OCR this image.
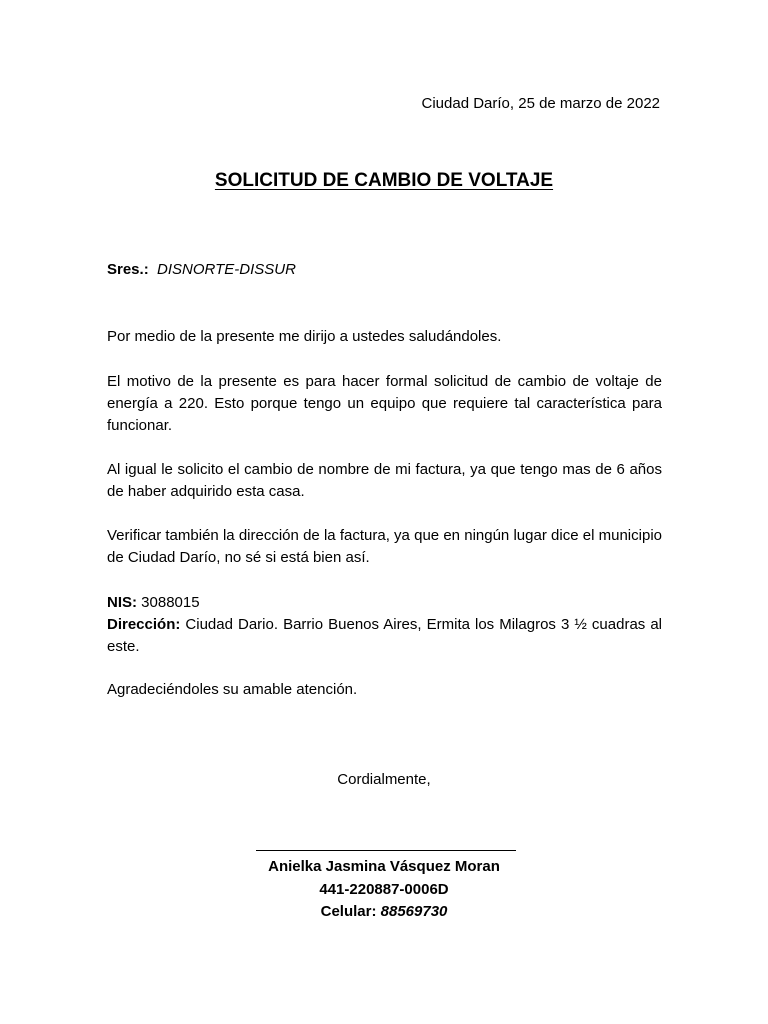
Ciudad Darío, 25 de marzo de 2022
SOLICITUD DE CAMBIO DE VOLTAJE
Sres.: DISNORTE-DISSUR
Por medio de la presente me dirijo a ustedes saludándoles.
El motivo de la presente es para hacer formal solicitud de cambio de voltaje de energía a 220. Esto porque tengo un equipo que requiere tal característica para funcionar.
Al igual le solicito el cambio de nombre de mi factura, ya que tengo mas de 6 años de haber adquirido esta casa.
Verificar también la dirección de la factura, ya que en ningún lugar dice el municipio de Ciudad Darío, no sé si está bien así.
NIS: 3088015
Dirección: Ciudad Dario. Barrio Buenos Aires, Ermita los Milagros 3 ½ cuadras al este.
Agradeciéndoles su amable atención.
Cordialmente,
Anielka Jasmina Vásquez Moran
441-220887-0006D
Celular: 88569730
